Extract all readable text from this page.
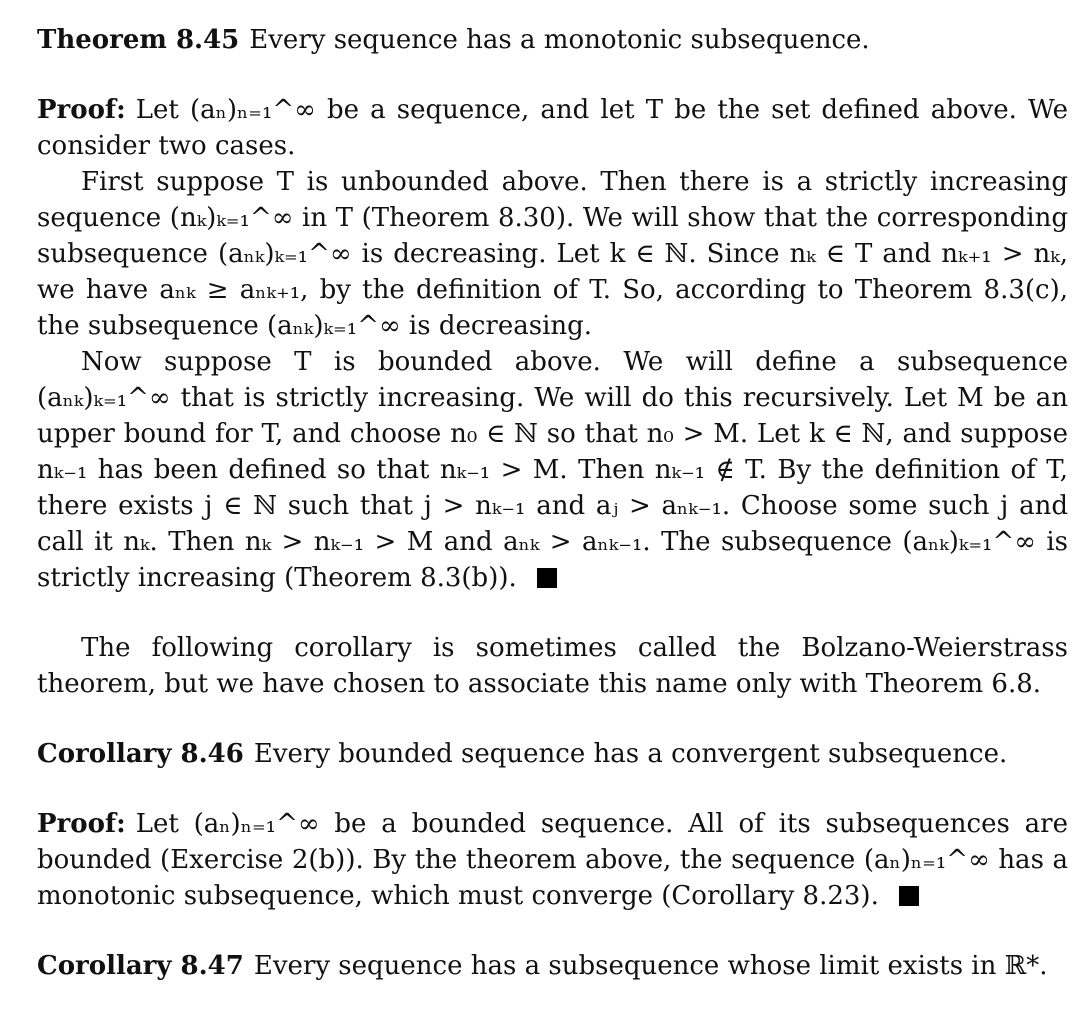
Theorem 8.45 Every sequence has a monotonic subsequence.

Proof: Let (aₙ)ₙ₌₁^∞ be a sequence, and let T be the set defined above. We consider two cases.

First suppose T is unbounded above. Then there is a strictly increasing sequence (nₖ)ₖ₌₁^∞ in T (Theorem 8.30). We will show that the corresponding subsequence (aₙₖ)ₖ₌₁^∞ is decreasing. Let k ∈ ℕ. Since nₖ ∈ T and nₖ₊₁ > nₖ, we have aₙₖ ≥ aₙₖ₊₁, by the definition of T. So, according to Theorem 8.3(c), the subsequence (aₙₖ)ₖ₌₁^∞ is decreasing.

Now suppose T is bounded above. We will define a subsequence (aₙₖ)ₖ₌₁^∞ that is strictly increasing. We will do this recursively. Let M be an upper bound for T, and choose n₀ ∈ ℕ so that n₀ > M. Let k ∈ ℕ, and suppose nₖ₋₁ has been defined so that nₖ₋₁ > M. Then nₖ₋₁ ∉ T. By the definition of T, there exists j ∈ ℕ such that j > nₖ₋₁ and aⱼ > aₙₖ₋₁. Choose some such j and call it nₖ. Then nₖ > nₖ₋₁ > M and aₙₖ > aₙₖ₋₁. The subsequence (aₙₖ)ₖ₌₁^∞ is strictly increasing (Theorem 8.3(b)).

The following corollary is sometimes called the Bolzano-Weierstrass theorem, but we have chosen to associate this name only with Theorem 6.8.

Corollary 8.46 Every bounded sequence has a convergent subsequence.

Proof: Let (aₙ)ₙ₌₁^∞ be a bounded sequence. All of its subsequences are bounded (Exercise 2(b)). By the theorem above, the sequence (aₙ)ₙ₌₁^∞ has a monotonic subsequence, which must converge (Corollary 8.23).

Corollary 8.47 Every sequence has a subsequence whose limit exists in ℝ*.
